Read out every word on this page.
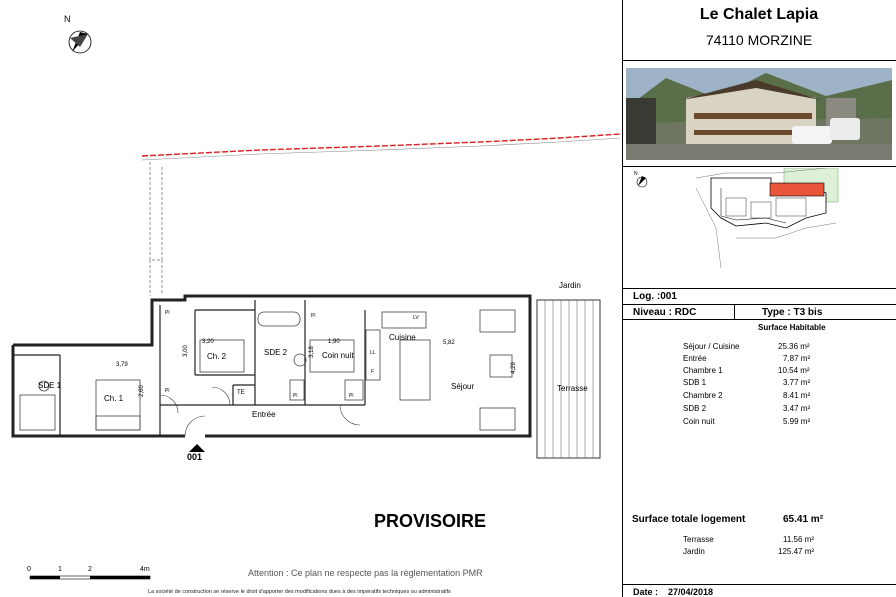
SDE 1
Ch. 1
Ch. 2	SDE 2	Coin nuit
Cuisine
Séjour
Entrée
Terrasse
Jardin
3,79
2,60
3,20
3,00	3,18
1,90	5,82
4,29
Pl
Pl
Pl	Pl
Pl
TE
LV
LL
F
001
PROVISOIRE
0	1	2	4m	Attention : Ce plan ne respecte pas la règlementation PMR
La société de construction se réserve le droit d'apporter des modifications dues à des impératifs techniques ou administratifs
N	Le Chalet Lapia
74110 MORZINE
N
Log. :001
Niveau : RDC	Type : T3 bis
Surface Habitable
Séjour / Cuisine	25.36 m²
Entrée	7.87 m²
Chambre 1	10.54 m²
SDB 1	3.77 m²
Chambre 2	8.41 m²
SDB 2	3.47 m²
Coin nuit	5.99 m²
Surface totale logement	65.41 m²
Terrasse	11.56 m²
Jardin	125.47 m²
Date : 27/04/2018
